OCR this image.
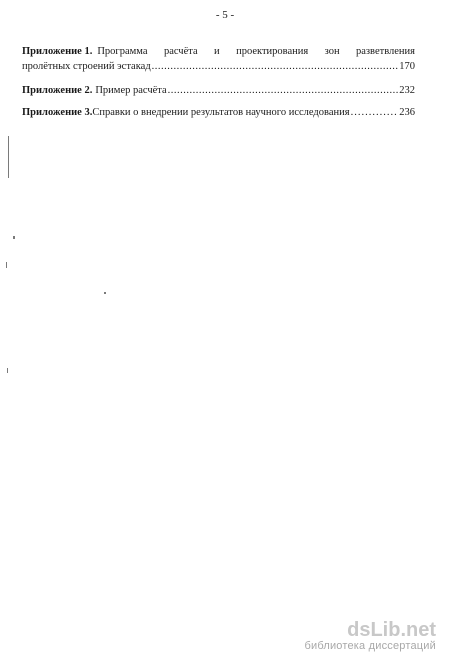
- 5 -
Приложение 1. Программа расчёта и проектирования зон разветвления
пролётных строений эстакад .....	170
Приложение 2. Пример расчёта .....	232
Приложение 3. Справки о внедрении результатов научного исследования .....	236
dsLib.net
библиотека диссертаций
